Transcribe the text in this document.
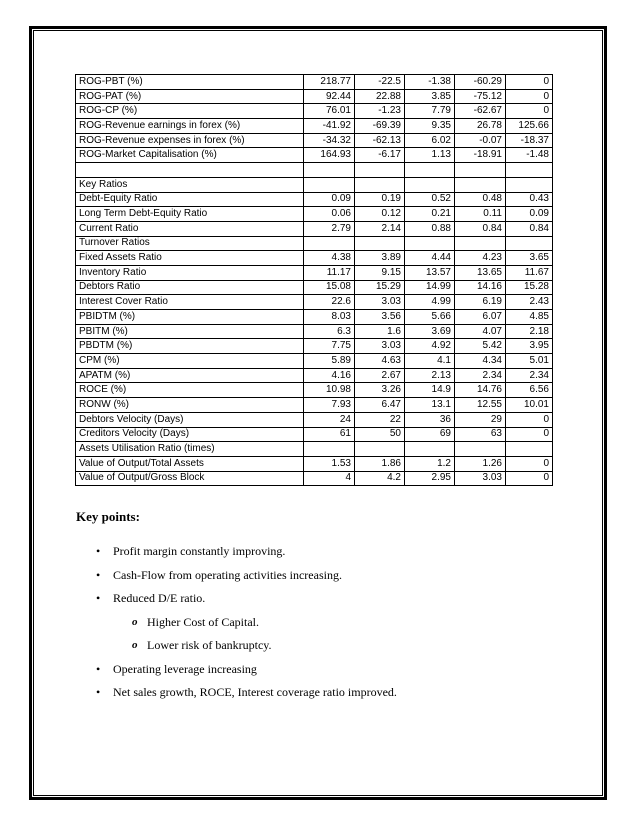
ROG-PBT (%)	218.77	-22.5	-1.38	-60.29	0
ROG-PAT (%)	92.44	22.88	3.85	-75.12	0
ROG-CP (%)	76.01	-1.23	7.79	-62.67	0
ROG-Revenue earnings in forex (%)	-41.92	-69.39	9.35	26.78	125.66
ROG-Revenue expenses in forex (%)	-34.32	-62.13	6.02	-0.07	-18.37
ROG-Market Capitalisation (%)	164.93	-6.17	1.13	-18.91	-1.48

Key Ratios					
Debt-Equity Ratio	0.09	0.19	0.52	0.48	0.43
Long Term Debt-Equity Ratio	0.06	0.12	0.21	0.11	0.09
Current Ratio	2.79	2.14	0.88	0.84	0.84
Turnover Ratios					
Fixed Assets Ratio	4.38	3.89	4.44	4.23	3.65
Inventory Ratio	11.17	9.15	13.57	13.65	11.67
Debtors Ratio	15.08	15.29	14.99	14.16	15.28
Interest Cover Ratio	22.6	3.03	4.99	6.19	2.43
PBIDTM (%)	8.03	3.56	5.66	6.07	4.85
PBITM (%)	6.3	1.6	3.69	4.07	2.18
PBDTM (%)	7.75	3.03	4.92	5.42	3.95
CPM (%)	5.89	4.63	4.1	4.34	5.01
APATM (%)	4.16	2.67	2.13	2.34	2.34
ROCE (%)	10.98	3.26	14.9	14.76	6.56
RONW (%)	7.93	6.47	13.1	12.55	10.01
Debtors Velocity (Days)	24	22	36	29	0
Creditors Velocity (Days)	61	50	69	63	0
Assets Utilisation Ratio (times)					
Value of Output/Total Assets	1.53	1.86	1.2	1.26	0
Value of Output/Gross Block	4	4.2	2.95	3.03	0
Key points:
• Profit margin constantly improving.
• Cash-Flow from operating activities increasing.
• Reduced D/E ratio.
o Higher Cost of Capital.
o Lower risk of bankruptcy.
• Operating leverage increasing
• Net sales growth, ROCE, Interest coverage ratio improved.
